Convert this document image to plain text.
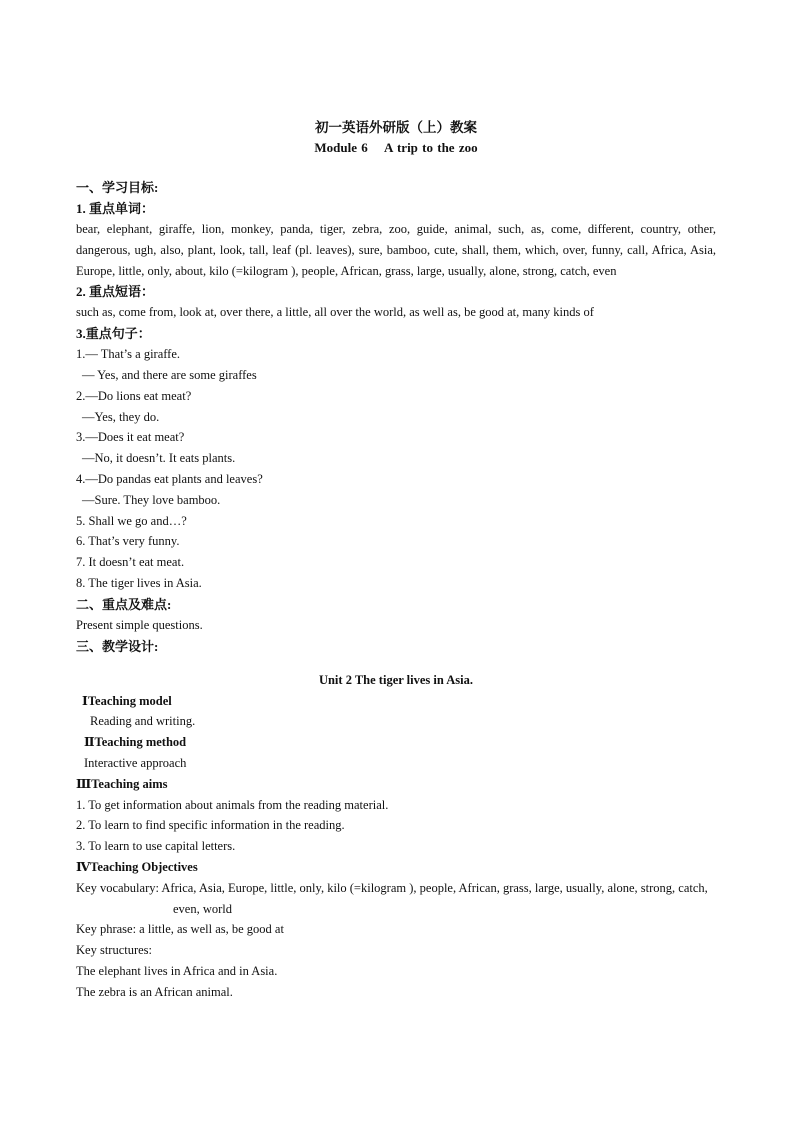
初一英语外研版（上）教案
Module 6    A trip to the zoo
一、学习目标:
1. 重点单词：
bear, elephant, giraffe, lion, monkey, panda, tiger, zebra, zoo, guide, animal, such, as, come, different, country, other, dangerous, ugh, also, plant, look, tall, leaf (pl. leaves), sure, bamboo, cute, shall, them, which, over, funny, call, Africa, Asia, Europe, little, only, about, kilo (=kilogram ), people, African, grass, large, usually, alone, strong, catch, even
2. 重点短语：
such as, come from, look at, over there, a little, all over the world, as well as, be good at, many kinds of
3.重点句子：
1.— That’s a giraffe.
— Yes, and there are some giraffes
2.—Do lions eat meat?
—Yes, they do.
3.—Does it eat meat?
—No, it doesn’t. It eats plants.
4.—Do pandas eat plants and leaves?
—Sure. They love bamboo.
5. Shall we go and…?
6. That’s very funny.
7. It doesn’t eat meat.
8. The tiger lives in Asia.
二、重点及难点:
Present simple questions.
三、教学设计:
Unit 2 The tiger lives in Asia.
ⅠTeaching model
Reading and writing.
ⅡTeaching method
Interactive approach
ⅢTeaching aims
1. To get information about animals from the reading material.
2. To learn to find specific information in the reading.
3. To learn to use capital letters.
ⅣTeaching Objectives
Key vocabulary: Africa, Asia, Europe, little, only, kilo (=kilogram ), people, African, grass, large, usually, alone, strong, catch, even, world
Key phrase: a little, as well as, be good at
Key structures:
The elephant lives in Africa and in Asia.
The zebra is an African animal.
